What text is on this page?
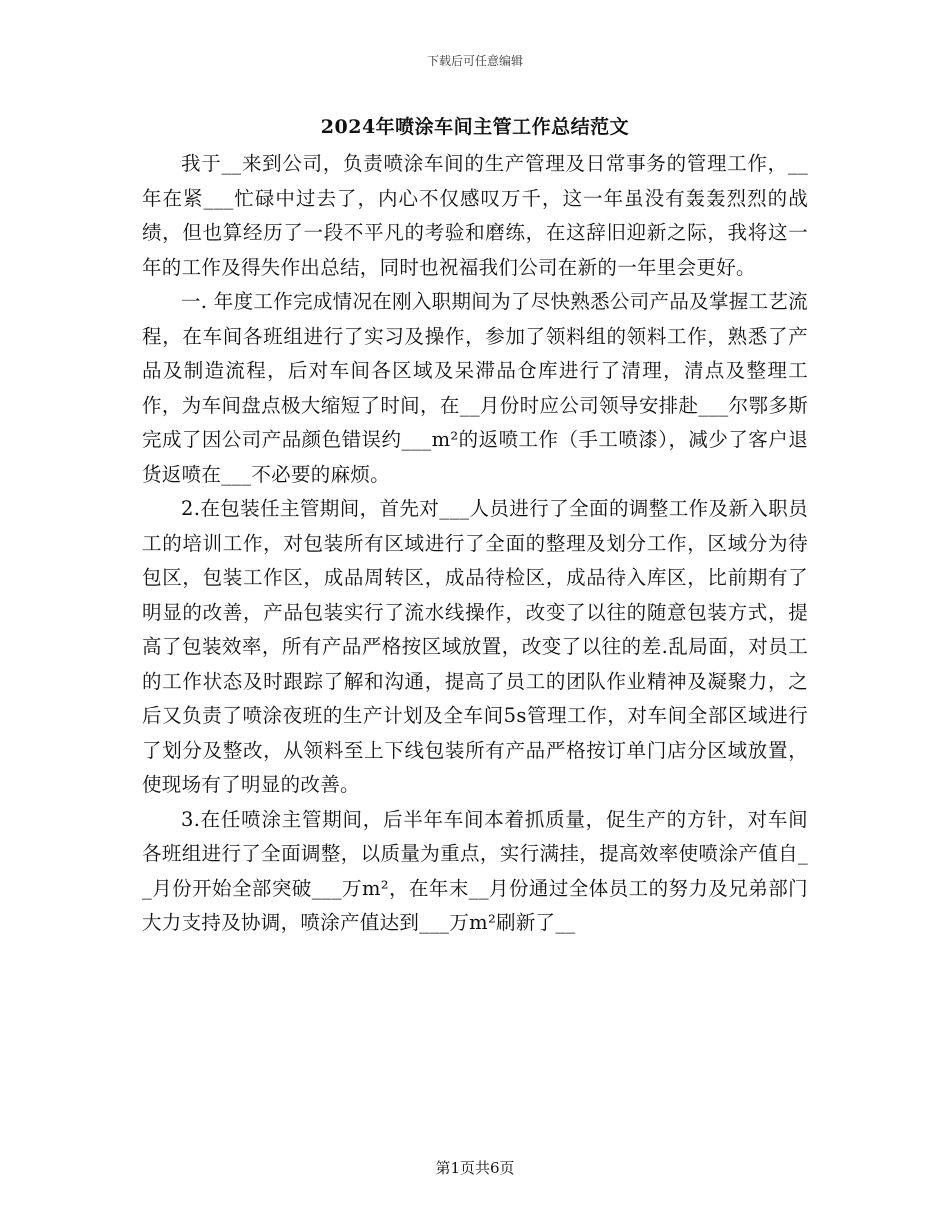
下载后可任意编辑
2024年喷涂车间主管工作总结范文

我于__来到公司，负责喷涂车间的生产管理及日常事务的管理工作，__年在紧___忙碌中过去了，内心不仅感叹万千，这一年虽没有轰轰烈烈的战绩，但也算经历了一段不平凡的考验和磨练，在这辞旧迎新之际，我将这一年的工作及得失作出总结，同时也祝福我们公司在新的一年里会更好。

一. 年度工作完成情况在刚入职期间为了尽快熟悉公司产品及掌握工艺流程，在车间各班组进行了实习及操作，参加了领料组的领料工作，熟悉了产品及制造流程，后对车间各区域及呆滞品仓库进行了清理，清点及整理工作，为车间盘点极大缩短了时间，在__月份时应公司领导安排赴___尔鄂多斯完成了因公司产品颜色错误约___m²的返喷工作（手工喷漆），减少了客户退货返喷在___不必要的麻烦。

2.在包装任主管期间，首先对___人员进行了全面的调整工作及新入职员工的培训工作，对包装所有区域进行了全面的整理及划分工作，区域分为待包区，包装工作区，成品周转区，成品待检区，成品待入库区，比前期有了明显的改善，产品包装实行了流水线操作，改变了以往的随意包装方式，提高了包装效率，所有产品严格按区域放置，改变了以往的差.乱局面，对员工的工作状态及时跟踪了解和沟通，提高了员工的团队作业精神及凝聚力，之后又负责了喷涂夜班的生产计划及全车间5s管理工作，对车间全部区域进行了划分及整改，从领料至上下线包装所有产品严格按订单门店分区域放置，使现场有了明显的改善。

3.在任喷涂主管期间，后半年车间本着抓质量，促生产的方针，对车间各班组进行了全面调整，以质量为重点，实行满挂，提高效率使喷涂产值自__月份开始全部突破___万m²，在年末__月份通过全体员工的努力及兄弟部门大力支持及协调，喷涂产值达到___万m²刷新了__

第1页共6页
